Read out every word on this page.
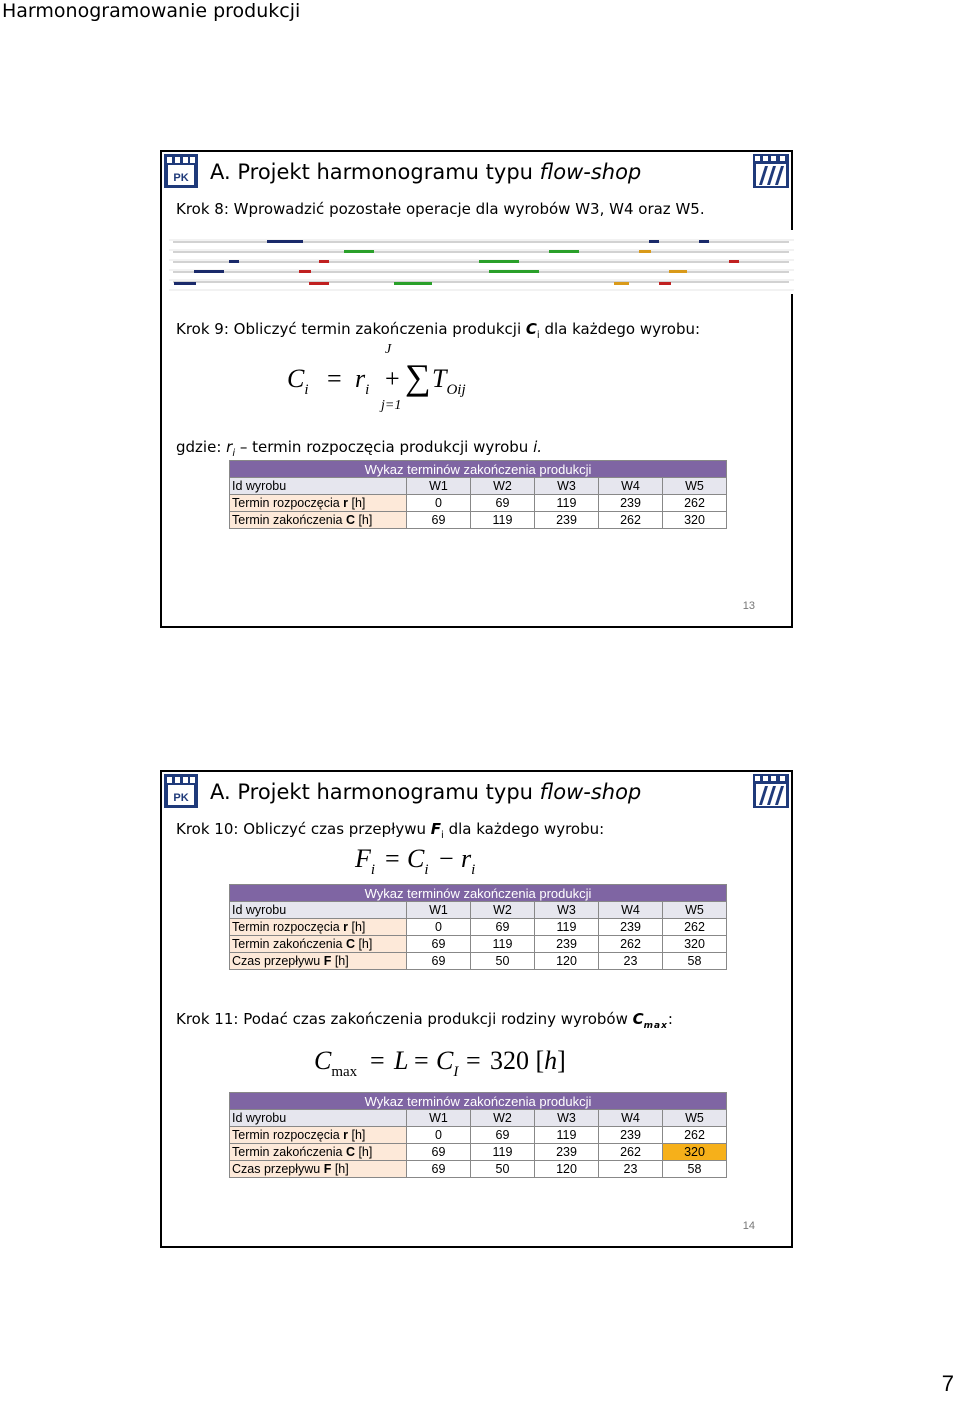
Harmonogramowanie produkcji
PK A. Projekt harmonogramu typu flow-shop
Krok 8: Wprowadzić pozostałe operacje dla wyrobów W3, W4 oraz W5.
Krok 9: Obliczyć termin zakończenia produkcji $C_i$ dla każdego wyrobu:
$C_i = r_i$ +
J
∑
j=1
$T_{Oij}$
gdzie: $r_i$ – termin rozpoczęcia produkcji wyrobu i.
Wykaz terminów zakończenia produkcji					
Id wyrobu	W1	W2	W3	W4	W5
Termin rozpoczęcia r [h]	0	69	119	239	262
Termin zakończenia C [h]	69	119	239	262	320
13
PK A. Projekt harmonogramu typu flow-shop
Krok 10: Obliczyć czas przepływu $F_i$ dla każdego wyrobu:
$F_i = C_i - r_i$
Wykaz terminów zakończenia produkcji					
Id wyrobu	W1	W2	W3	W4	W5
Termin rozpoczęcia r [h]	0	69	119	239	262
Termin zakończenia C [h]	69	119	239	262	320
Czas przepływu F [h]	69	50	120	23	58
Krok 11: Podać czas zakończenia produkcji rodziny wyrobów $C_{max}$:
$C_{max} = L = C_I = 320$ [h]
Wykaz terminów zakończenia produkcji					
Id wyrobu	W1	W2	W3	W4	W5
Termin rozpoczęcia r [h]	0	69	119	239	262
Termin zakończenia C [h]	69	119	239	262	320
Czas przepływu F [h]	69	50	120	23	58
14
7
